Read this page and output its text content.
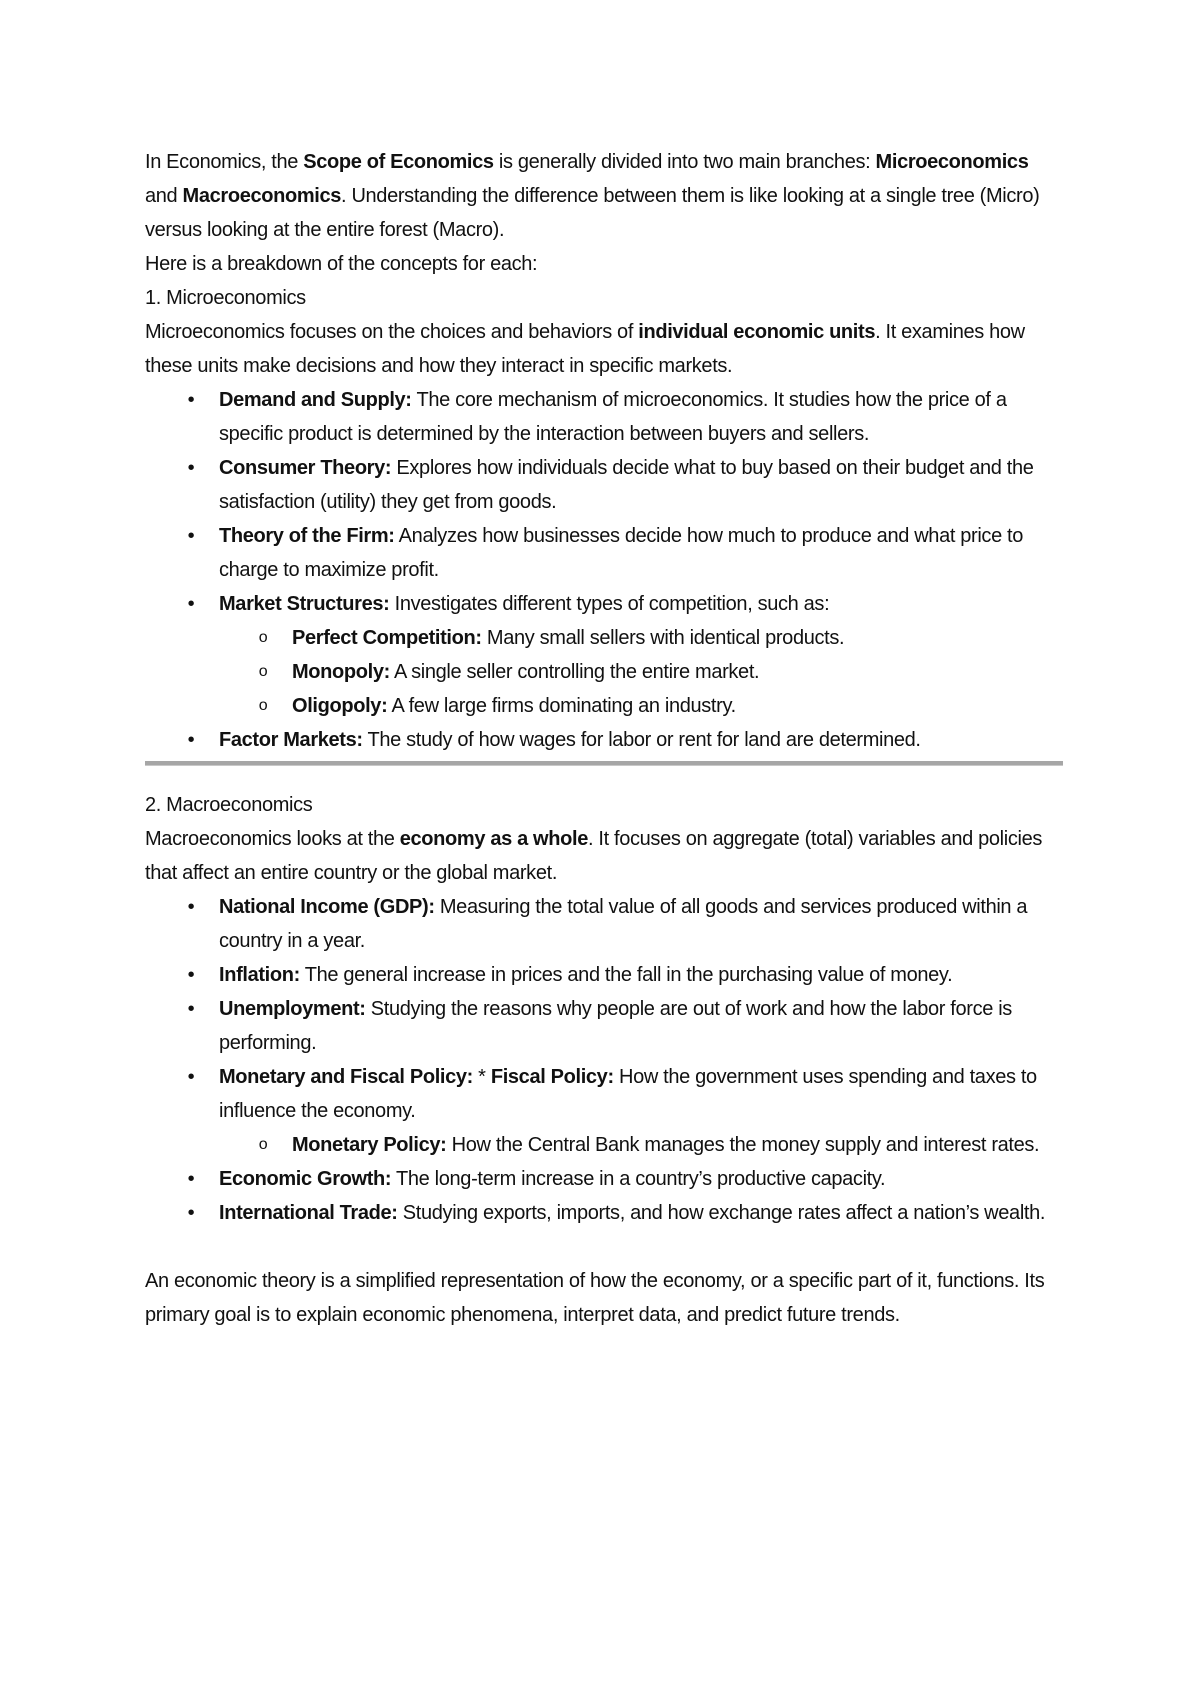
In Economics, the Scope of Economics is generally divided into two main branches: Microeconomics and Macroeconomics. Understanding the difference between them is like looking at a single tree (Micro) versus looking at the entire forest (Macro).

Here is a breakdown of the concepts for each:

1. Microeconomics

Microeconomics focuses on the choices and behaviors of individual economic units. It examines how these units make decisions and how they interact in specific markets.

•	Demand and Supply: The core mechanism of microeconomics. It studies how the price of a specific product is determined by the interaction between buyers and sellers.
•	Consumer Theory: Explores how individuals decide what to buy based on their budget and the satisfaction (utility) they get from goods.
•	Theory of the Firm: Analyzes how businesses decide how much to produce and what price to charge to maximize profit.
•	Market Structures: Investigates different types of competition, such as:
o Perfect Competition: Many small sellers with identical products.
o Monopoly: A single seller controlling the entire market.
o Oligopoly: A few large firms dominating an industry.
•	Factor Markets: The study of how wages for labor or rent for land are determined.

2. Macroeconomics

Macroeconomics looks at the economy as a whole. It focuses on aggregate (total) variables and policies that affect an entire country or the global market.

•	National Income (GDP): Measuring the total value of all goods and services produced within a country in a year.
•	Inflation: The general increase in prices and the fall in the purchasing value of money.
•	Unemployment: Studying the reasons why people are out of work and how the labor force is performing.
•	Monetary and Fiscal Policy: * Fiscal Policy: How the government uses spending and taxes to influence the economy.
o Monetary Policy: How the Central Bank manages the money supply and interest rates.
•	Economic Growth: The long-term increase in a country’s productive capacity.
•	International Trade: Studying exports, imports, and how exchange rates affect a nation’s wealth.

An economic theory is a simplified representation of how the economy, or a specific part of it, functions. Its primary goal is to explain economic phenomena, interpret data, and predict future trends.
